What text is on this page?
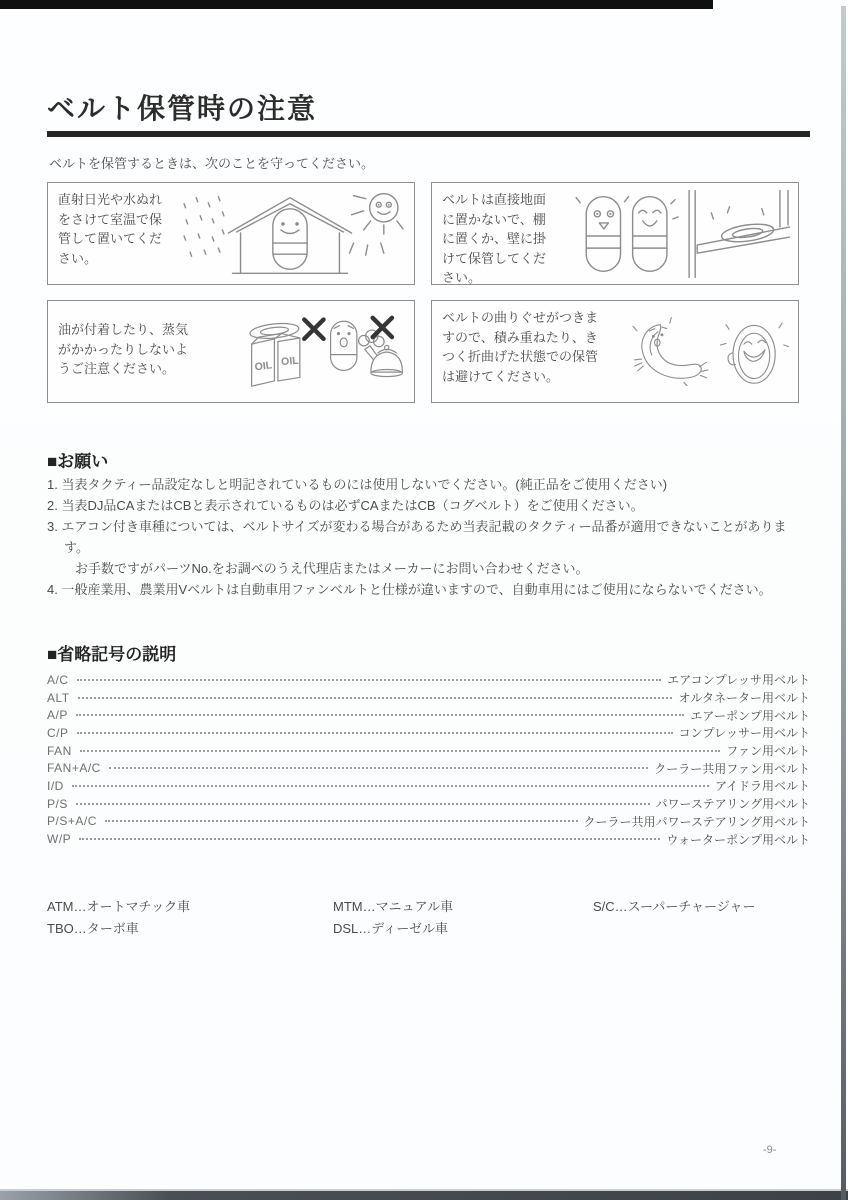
ベルト保管時の注意
ベルトを保管するときは、次のことを守ってください。
直射日光や水ぬれをさけて室温で保管して置いてください。
ベルトは直接地面に置かないで、棚に置くか、壁に掛けて保管してください。
油が付着したり、蒸気がかかったりしないようご注意ください。	OIL OIL
ベルトの曲りぐせがつきますので、積み重ねたり、きつく折曲げた状態での保管は避けてください。
■お願い
1. 当表タクティー品設定なしと明記されているものには使用しないでください。(純正品をご使用ください)
2. 当表DJ品CAまたはCBと表示されているものは必ずCAまたはCB（コグベルト）をご使用ください。
3. エアコン付き車種については、ベルトサイズが変わる場合があるため当表記載のタクティー品番が適用できないことがあります。
お手数ですがパーツNo.をお調べのうえ代理店またはメーカーにお問い合わせください。
4. 一般産業用、農業用Vベルトは自動車用ファンベルトと仕様が違いますので、自動車用にはご使用にならないでください。
■省略記号の説明
A/C	エアコンプレッサ用ベルト
ALT	オルタネーター用ベルト
A/P	エアーポンプ用ベルト
C/P	コンプレッサー用ベルト
FAN	ファン用ベルト
FAN+A/C	クーラー共用ファン用ベルト
I/D	アイドラ用ベルト
P/S	パワーステアリング用ベルト
P/S+A/C	クーラー共用パワーステアリング用ベルト
W/P	ウォーターポンプ用ベルト
ATM…オートマチック車
TBO…ターボ車
MTM…マニュアル車
DSL…ディーゼル車
S/C…スーパーチャージャー
-9-
